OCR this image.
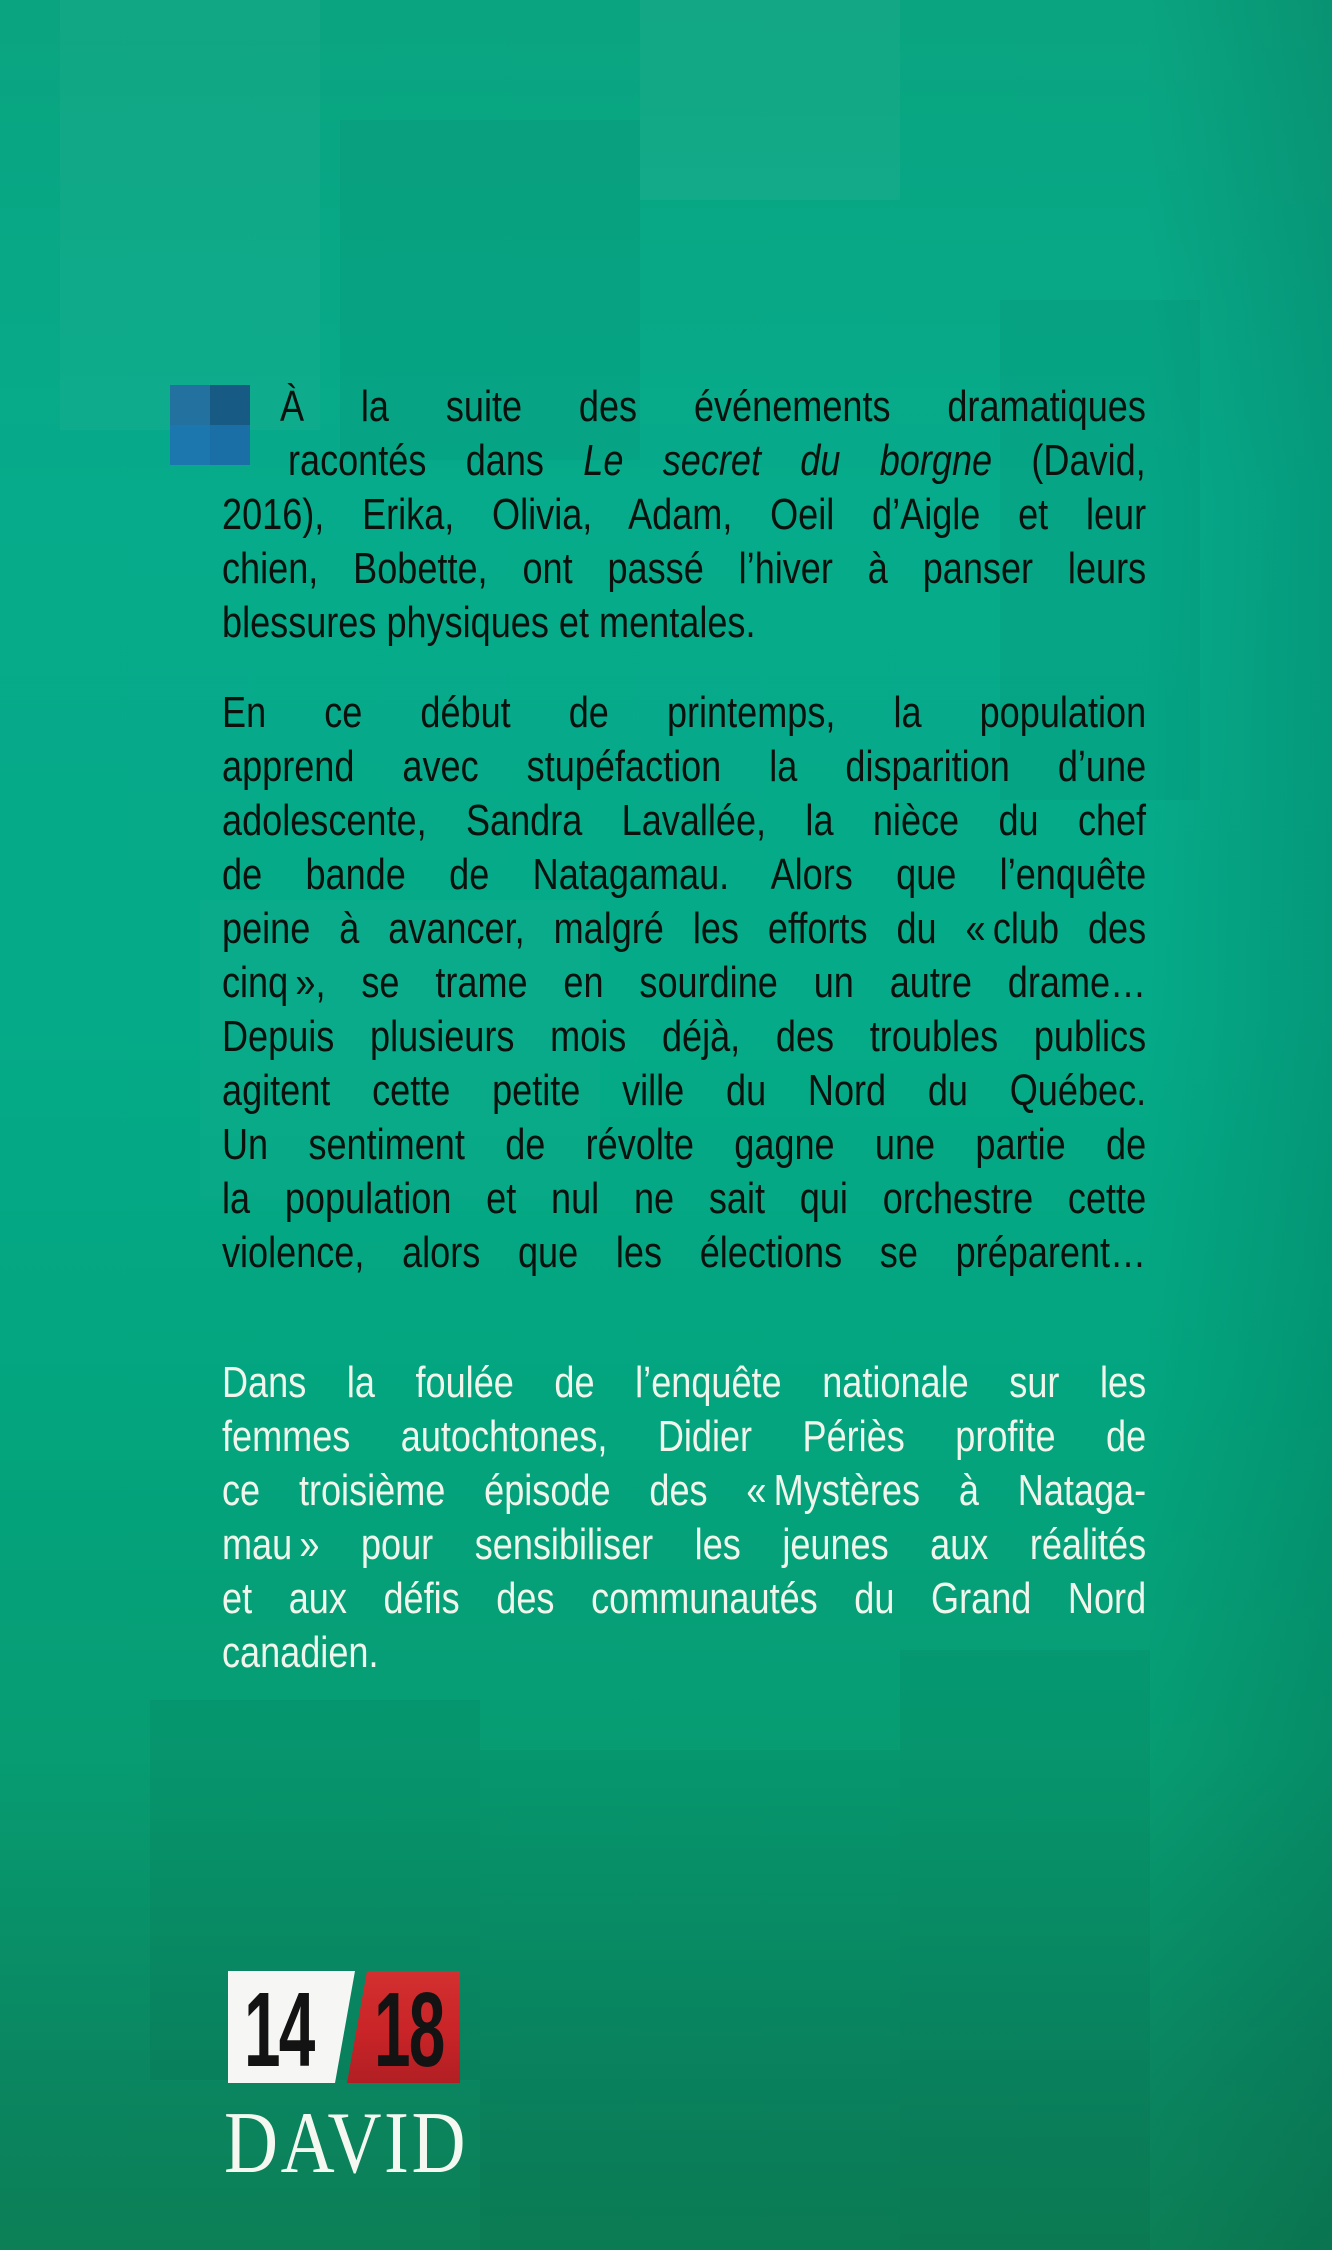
À la suite des événements dramatiques
racontés dans Le secret du borgne (David,
2016), Erika, Olivia, Adam, Oeil d’Aigle et leur
chien, Bobette, ont passé l’hiver à panser leurs
blessures physiques et mentales.
En ce début de printemps, la population
apprend avec stupéfaction la disparition d’une
adolescente, Sandra Lavallée, la nièce du chef
de bande de Natagamau. Alors que l’enquête
peine à avancer, malgré les efforts du « club des
cinq », se trame en sourdine un autre drame…
Depuis plusieurs mois déjà, des troubles publics
agitent cette petite ville du Nord du Québec.
Un sentiment de révolte gagne une partie de
la population et nul ne sait qui orchestre cette
violence, alors que les élections se préparent…
Dans la foulée de l’enquête nationale sur les
femmes autochtones, Didier Périès profite de
ce troisième épisode des « Mystères à Nataga-
mau » pour sensibiliser les jeunes aux réalités
et aux défis des communautés du Grand Nord
canadien.
14 18
DAVID
